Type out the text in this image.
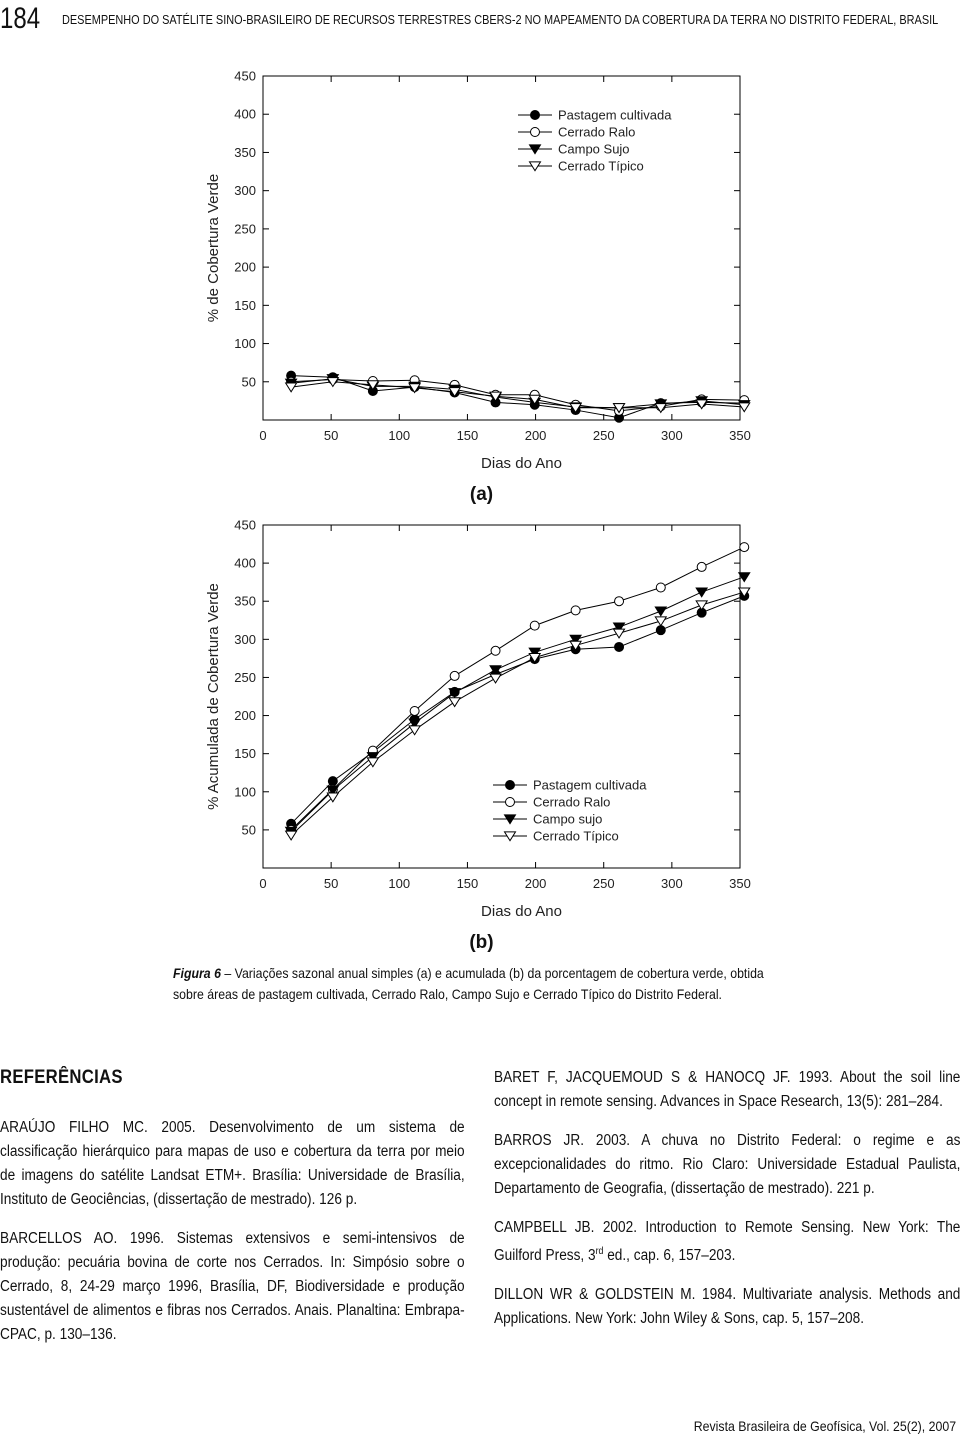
184 DESEMPENHO DO SATÉLITE SINO-BRASILEIRO DE RECURSOS TERRESTRES CBERS-2 NO MAPEAMENTO DA COBERTURA DA TERRA NO DISTRITO FEDERAL, BRASIL
0	50	100	150	200	250	300	350
50
100
150
200
250
300
350
400
450
Dias do Ano
% de Cobertura Verde
(a)
Pastagem cultivada
Cerrado Ralo
Campo Sujo
Cerrado Típico
0	50	100	150	200	250	300	350
50
100
150
200
250
300
350
400
450
Dias do Ano
% Acumulada de Cobertura Verde
(b)
Pastagem cultivada
Cerrado Ralo
Campo sujo
Cerrado Típico
Figura 6 – Variações sazonal anual simples (a) e acumulada (b) da porcentagem de cobertura verde, obtida sobre áreas de pastagem cultivada, Cerrado Ralo, Campo Sujo e Cerrado Típico do Distrito Federal.
REFERÊNCIAS

ARAÚJO FILHO MC. 2005. Desenvolvimento de um sistema de classificação hierárquico para mapas de uso e cobertura da terra por meio de imagens do satélite Landsat ETM+. Brasília: Universidade de Brasília, Instituto de Geociências, (dissertação de mestrado). 126 p.

BARCELLOS AO. 1996. Sistemas extensivos e semi-intensivos de produção: pecuária bovina de corte nos Cerrados. In: Simpósio sobre o Cerrado, 8, 24-29 março 1996, Brasília, DF, Biodiversidade e produção sustentável de alimentos e fibras nos Cerrados. Anais. Planaltina: Embrapa-CPAC, p. 130–136.

BARET F, JACQUEMOUD S & HANOCQ JF. 1993. About the soil line concept in remote sensing. Advances in Space Research, 13(5): 281–284.

BARROS JR. 2003. A chuva no Distrito Federal: o regime e as excepcionalidades do ritmo. Rio Claro: Universidade Estadual Paulista, Departamento de Geografia, (dissertação de mestrado). 221 p.

CAMPBELL JB. 2002. Introduction to Remote Sensing. New York: The Guilford Press, 3rd ed., cap. 6, 157–203.

DILLON WR & GOLDSTEIN M. 1984. Multivariate analysis. Methods and Applications. New York: John Wiley & Sons, cap. 5, 157–208.

Revista Brasileira de Geofísica, Vol. 25(2), 2007
